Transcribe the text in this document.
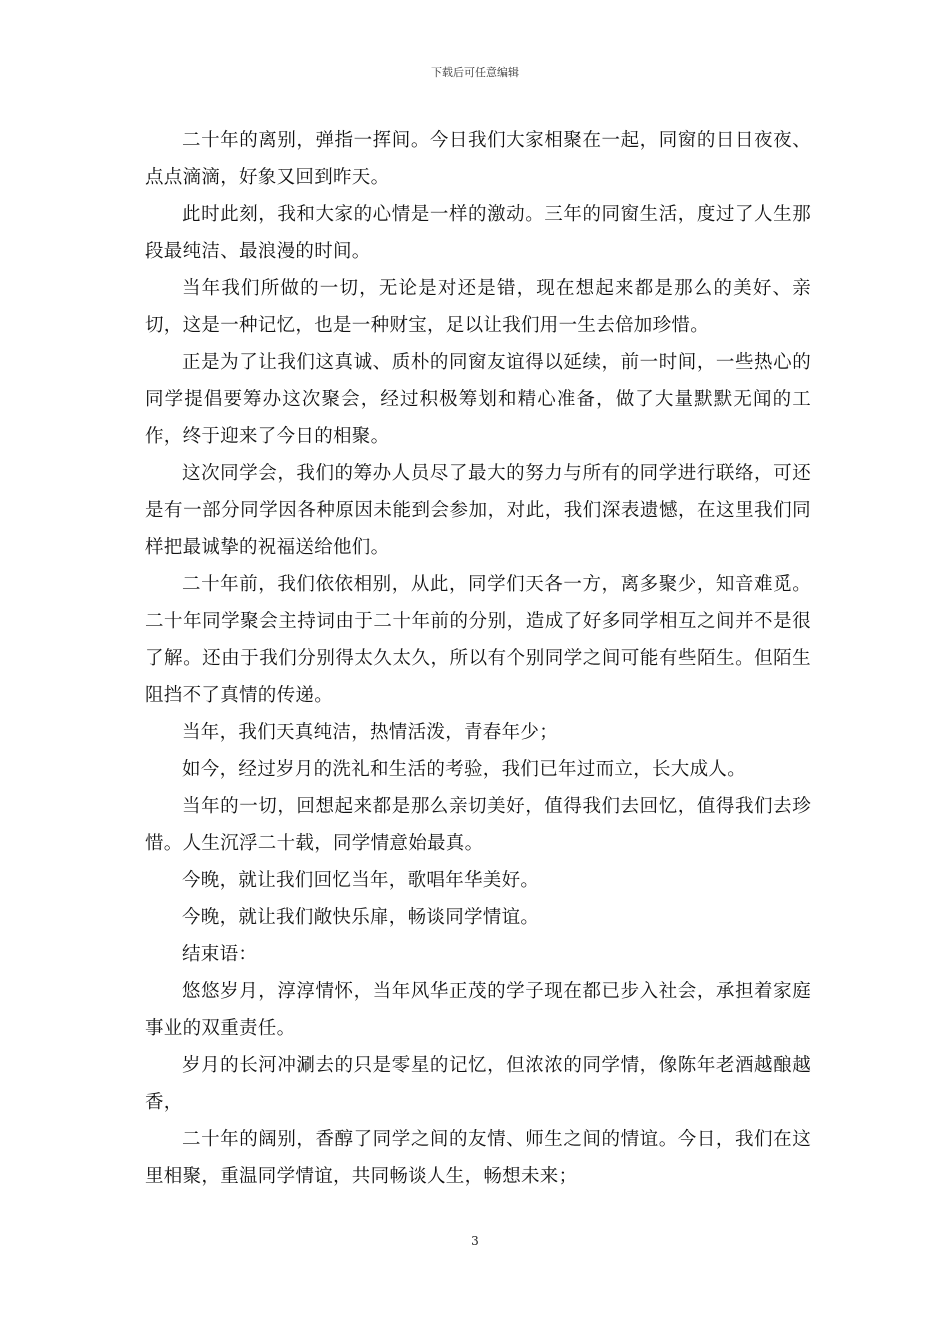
下载后可任意编辑

二十年的离别，弹指一挥间。今日我们大家相聚在一起，同窗的日日夜夜、点点滴滴，好象又回到昨天。

此时此刻，我和大家的心情是一样的激动。三年的同窗生活，度过了人生那段最纯洁、最浪漫的时间。

当年我们所做的一切，无论是对还是错，现在想起来都是那么的美好、亲切，这是一种记忆，也是一种财宝，足以让我们用一生去倍加珍惜。

正是为了让我们这真诚、质朴的同窗友谊得以延续，前一时间，一些热心的同学提倡要筹办这次聚会，经过积极筹划和精心准备，做了大量默默无闻的工作，终于迎来了今日的相聚。

这次同学会，我们的筹办人员尽了最大的努力与所有的同学进行联络，可还是有一部分同学因各种原因未能到会参加，对此，我们深表遗憾，在这里我们同样把最诚挚的祝福送给他们。

二十年前，我们依依相别，从此，同学们天各一方，离多聚少，知音难觅。二十年同学聚会主持词由于二十年前的分别，造成了好多同学相互之间并不是很了解。还由于我们分别得太久太久，所以有个别同学之间可能有些陌生。但陌生阻挡不了真情的传递。

当年，我们天真纯洁，热情活泼，青春年少；

如今，经过岁月的洗礼和生活的考验，我们已年过而立，长大成人。

当年的一切，回想起来都是那么亲切美好，值得我们去回忆，值得我们去珍惜。人生沉浮二十载，同学情意始最真。

今晚，就让我们回忆当年，歌唱年华美好。

今晚，就让我们敞快乐扉，畅谈同学情谊。

结束语：

悠悠岁月，淳淳情怀，当年风华正茂的学子现在都已步入社会，承担着家庭事业的双重责任。

岁月的长河冲涮去的只是零星的记忆，但浓浓的同学情，像陈年老酒越酿越香，

二十年的阔别，香醇了同学之间的友情、师生之间的情谊。今日，我们在这里相聚，重温同学情谊，共同畅谈人生，畅想未来；

3
